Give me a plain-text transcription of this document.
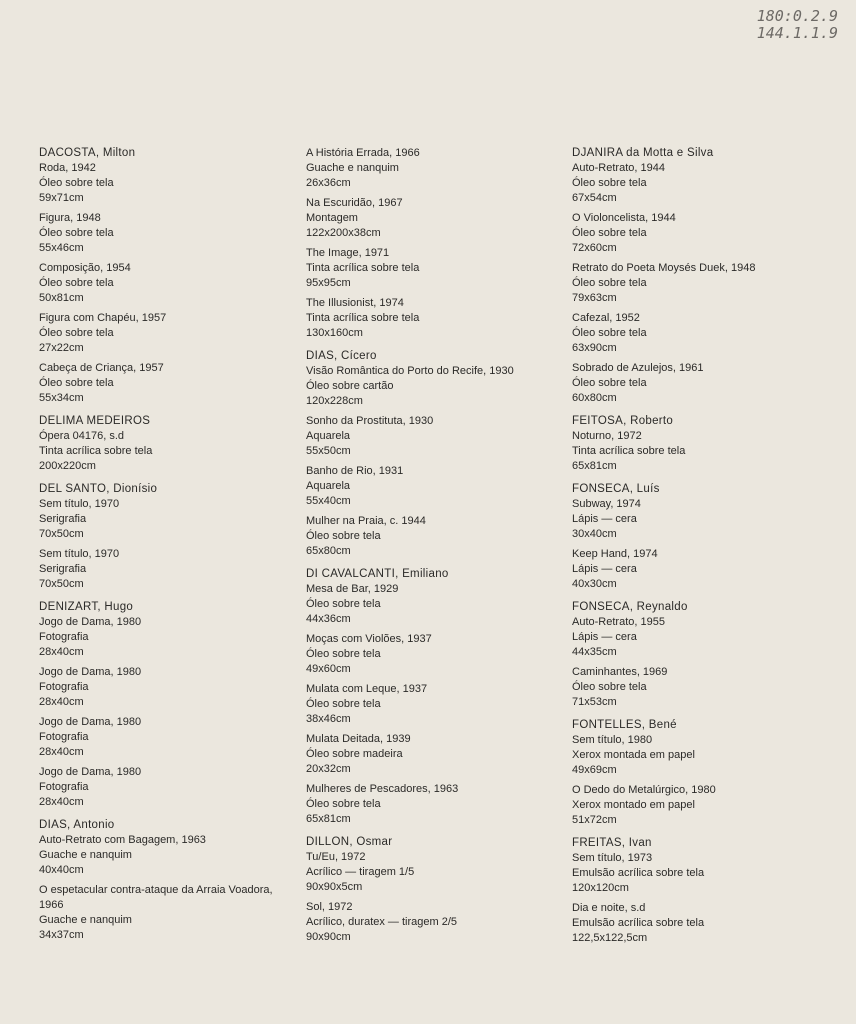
180:0.2.9
144.1.1.9
DACOSTA, Milton
Roda, 1942
Óleo sobre tela
59x71cm
Figura, 1948
Óleo sobre tela
55x46cm
Composição, 1954
Óleo sobre tela
50x81cm
Figura com Chapéu, 1957
Óleo sobre tela
27x22cm
Cabeça de Criança, 1957
Óleo sobre tela
55x34cm
DELIMA MEDEIROS
Ópera 04176, s.d
Tinta acrílica sobre tela
200x220cm
DEL SANTO, Dionísio
Sem título, 1970
Serigrafia
70x50cm
Sem título, 1970
Serigrafia
70x50cm
DENIZART, Hugo
Jogo de Dama, 1980
Fotografia
28x40cm
Jogo de Dama, 1980
Fotografia
28x40cm
Jogo de Dama, 1980
Fotografia
28x40cm
Jogo de Dama, 1980
Fotografia
28x40cm
DIAS, Antonio
Auto-Retrato com Bagagem, 1963
Guache e nanquim
40x40cm
O espetacular contra-ataque da Arraia Voadora,
1966
Guache e nanquim
34x37cm
A História Errada, 1966
Guache e nanquim
26x36cm
Na Escuridão, 1967
Montagem
122x200x38cm
The Image, 1971
Tinta acrílica sobre tela
95x95cm
The Illusionist, 1974
Tinta acrílica sobre tela
130x160cm
DIAS, Cícero
Visão Romântica do Porto do Recife, 1930
Óleo sobre cartão
120x228cm
Sonho da Prostituta, 1930
Aquarela
55x50cm
Banho de Rio, 1931
Aquarela
55x40cm
Mulher na Praia, c. 1944
Óleo sobre tela
65x80cm
DI CAVALCANTI, Emiliano
Mesa de Bar, 1929
Óleo sobre tela
44x36cm
Moças com Violões, 1937
Óleo sobre tela
49x60cm
Mulata com Leque, 1937
Óleo sobre tela
38x46cm
Mulata Deitada, 1939
Óleo sobre madeira
20x32cm
Mulheres de Pescadores, 1963
Óleo sobre tela
65x81cm
DILLON, Osmar
Tu/Eu, 1972
Acrílico — tiragem 1/5
90x90x5cm
Sol, 1972
Acrílico, duratex — tiragem 2/5
90x90cm
DJANIRA da Motta e Silva
Auto-Retrato, 1944
Óleo sobre tela
67x54cm
O Violoncelista, 1944
Óleo sobre tela
72x60cm
Retrato do Poeta Moysés Duek, 1948
Óleo sobre tela
79x63cm
Cafezal, 1952
Óleo sobre tela
63x90cm
Sobrado de Azulejos, 1961
Óleo sobre tela
60x80cm
FEITOSA, Roberto
Noturno, 1972
Tinta acrílica sobre tela
65x81cm
FONSECA, Luís
Subway, 1974
Lápis — cera
30x40cm
Keep Hand, 1974
Lápis — cera
40x30cm
FONSECA, Reynaldo
Auto-Retrato, 1955
Lápis — cera
44x35cm
Caminhantes, 1969
Óleo sobre tela
71x53cm
FONTELLES, Bené
Sem título, 1980
Xerox montada em papel
49x69cm
O Dedo do Metalúrgico, 1980
Xerox montado em papel
51x72cm
FREITAS, Ivan
Sem título, 1973
Emulsão acrílica sobre tela
120x120cm
Dia e noite, s.d
Emulsão acrílica sobre tela
122,5x122,5cm
